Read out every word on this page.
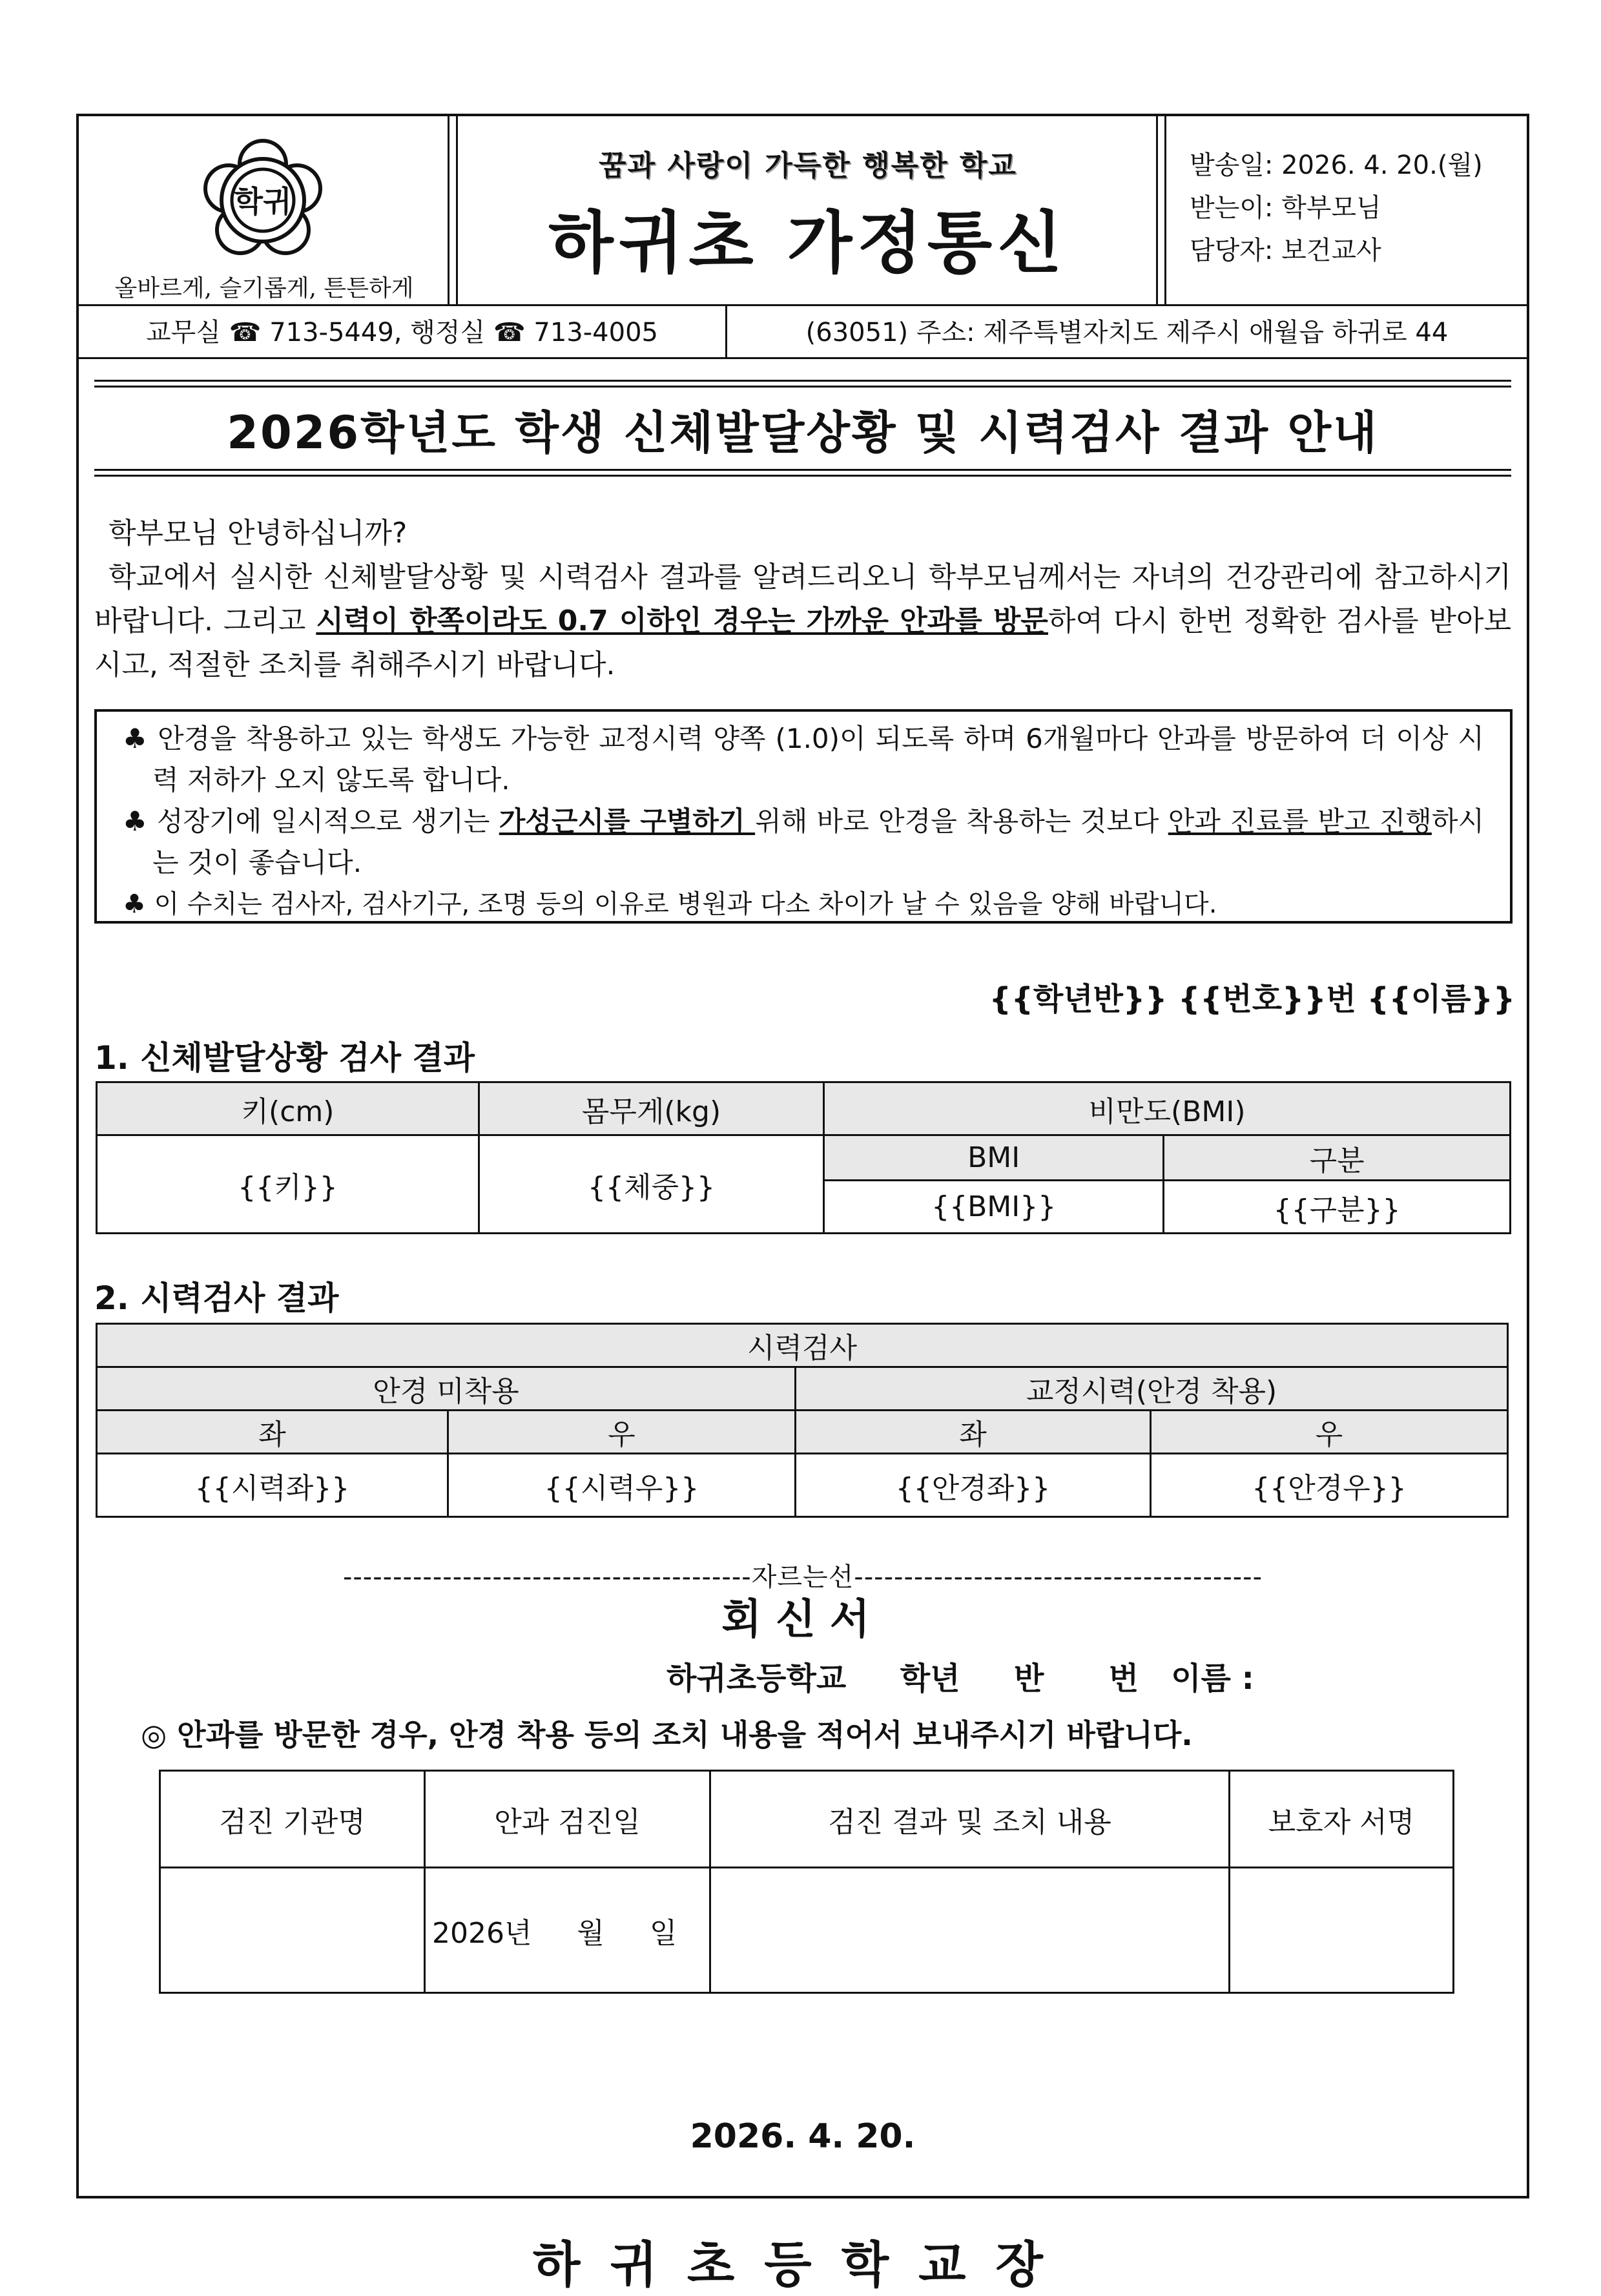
학귀
올바르게, 슬기롭게, 튼튼하게
꿈과 사랑이 가득한 행복한 학교
하귀초 가정통신
발송일: 2026. 4. 20.(월)
받는이: 학부모님
담당자: 보건교사
교무실 ☎ 713-5449, 행정실 ☎ 713-4005	(63051) 주소: 제주특별자치도 제주시 애월읍 하귀로 44
2026학년도 학생 신체발달상황 및 시력검사 결과 안내

학부모님 안녕하십니까?

학교에서 실시한 신체발달상황 및 시력검사 결과를 알려드리오니 학부모님께서는 자녀의 건강관리에 참고하시기 바랍니다. 그리고 시력이 한쪽이라도 0.7 이하인 경우는 가까운 안과를 방문하여 다시 한번 정확한 검사를 받아보시고, 적절한 조치를 취해주시기 바랍니다.

♣ 안경을 착용하고 있는 학생도 가능한 교정시력 양쪽 (1.0)이 되도록 하며 6개월마다 안과를 방문하여 더 이상 시력 저하가 오지 않도록 합니다.

♣ 성장기에 일시적으로 생기는 가성근시를 구별하기 위해 바로 안경을 착용하는 것보다 안과 진료를 받고 진행하시는 것이 좋습니다.

♣ 이 수치는 검사자, 검사기구, 조명 등의 이유로 병원과 다소 차이가 날 수 있음을 양해 바랍니다.

{{학년반}} {{번호}}번 {{이름}}
1. 신체발달상황 검사 결과
키(cm)	몸무게(kg)	비만도(BMI)	
{{키}}	{{체중}}	BMI	구분
		{{BMI}}	{{구분}}
2. 시력검사 결과
시력검사			
안경 미착용		교정시력(안경 착용)	
좌	우	좌	우
{{시력좌}}	{{시력우}}	{{안경좌}}	{{안경우}}
-----------------------------------------자르는선-----------------------------------------
회신서
하귀초등학교     학년     반      번   이름 :
◎ 안과를 방문한 경우, 안경 착용 등의 조치 내용을 적어서 보내주시기 바랍니다.
검진 기관명	안과 검진일	검진 결과 및 조치 내용	보호자 서명
	2026년     월     일		
2026. 4. 20.
하귀초등학교장
